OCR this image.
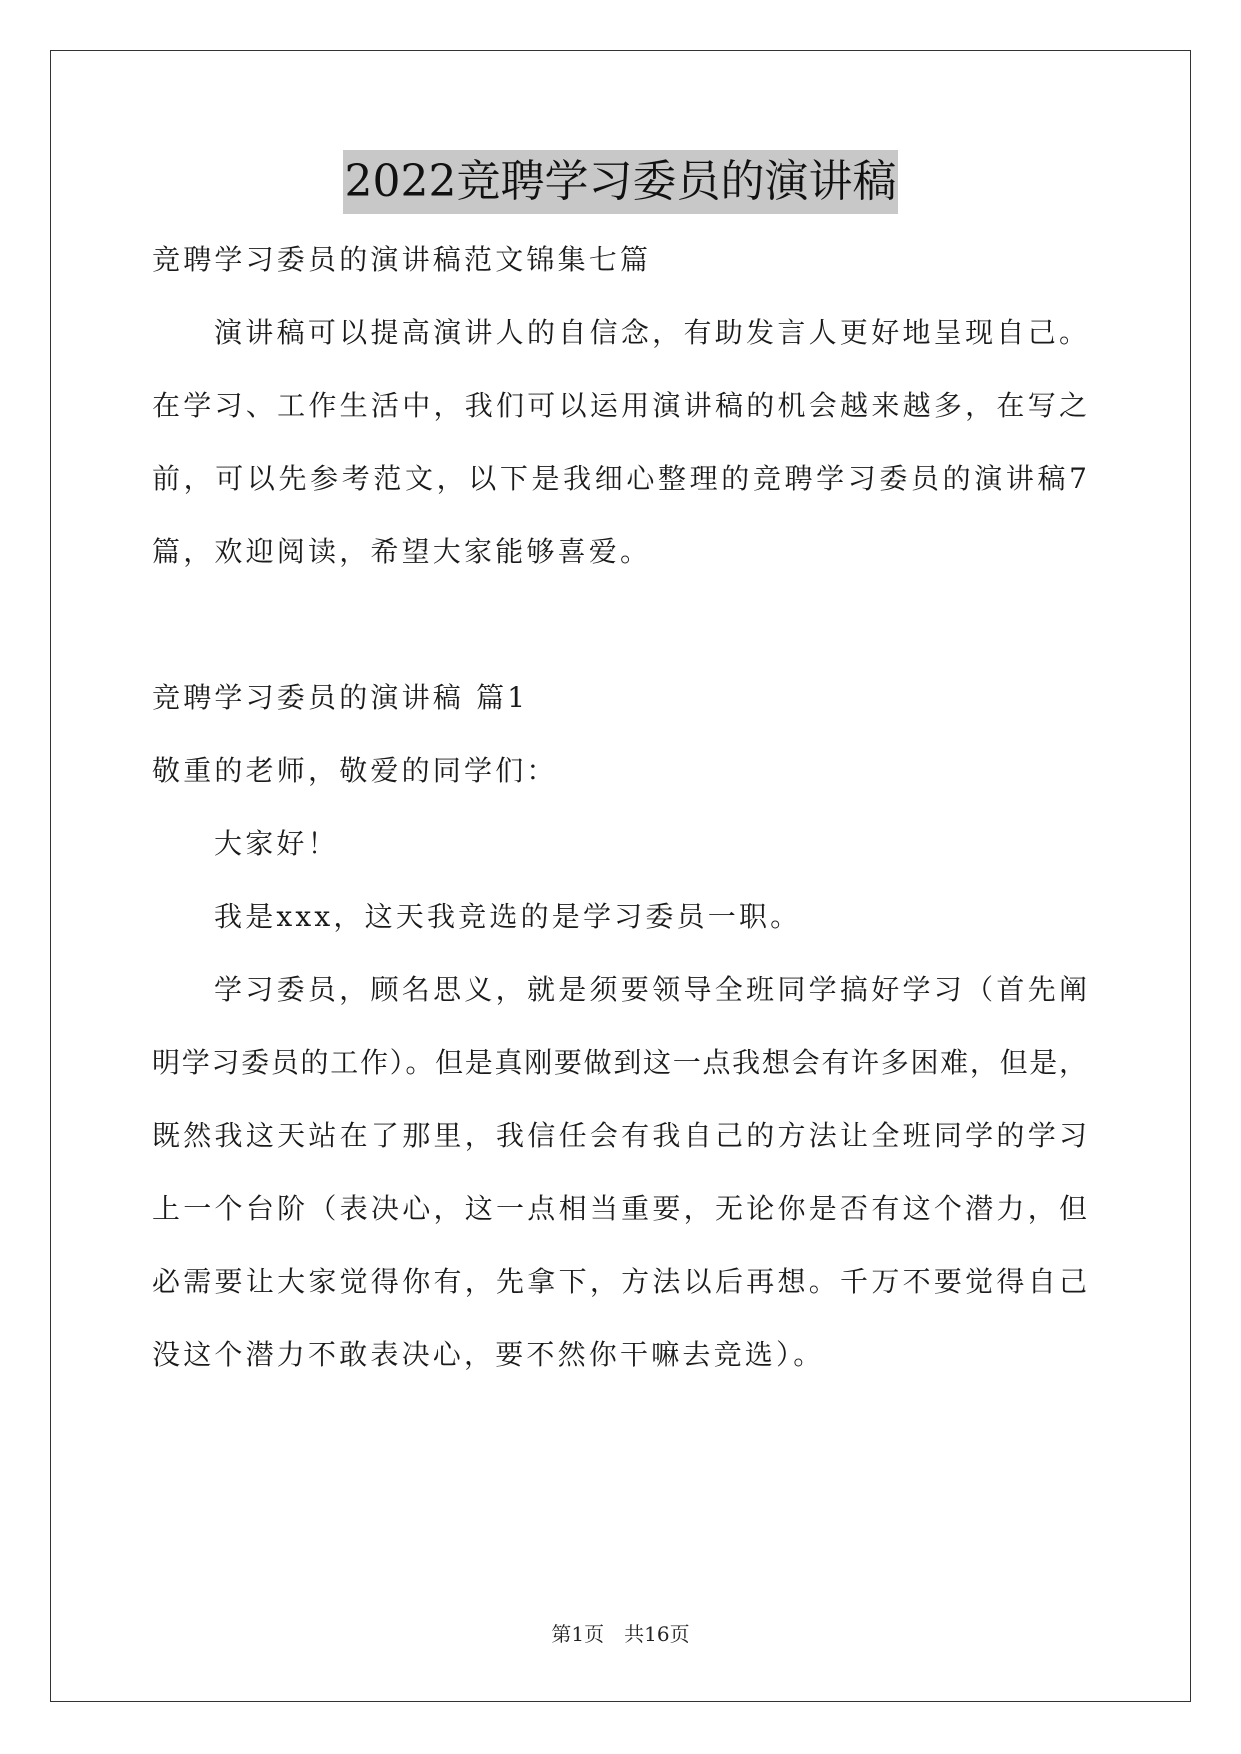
2022竞聘学习委员的演讲稿
竞聘学习委员的演讲稿范文锦集七篇
演讲稿可以提高演讲人的自信念，有助发言人更好地呈现自己。
在学习、工作生活中，我们可以运用演讲稿的机会越来越多，在写之
前，可以先参考范文，以下是我细心整理的竞聘学习委员的演讲稿7
篇，欢迎阅读，希望大家能够喜爱。
竞聘学习委员的演讲稿 篇1
敬重的老师，敬爱的同学们：
大家好！
我是xxx，这天我竞选的是学习委员一职。
学习委员，顾名思义，就是须要领导全班同学搞好学习（首先阐
明学习委员的工作）。但是真刚要做到这一点我想会有许多困难，但是，
既然我这天站在了那里，我信任会有我自己的方法让全班同学的学习
上一个台阶（表决心，这一点相当重要，无论你是否有这个潜力，但
必需要让大家觉得你有，先拿下，方法以后再想。千万不要觉得自己
没这个潜力不敢表决心，要不然你干嘛去竞选）。
第1页 共16页
